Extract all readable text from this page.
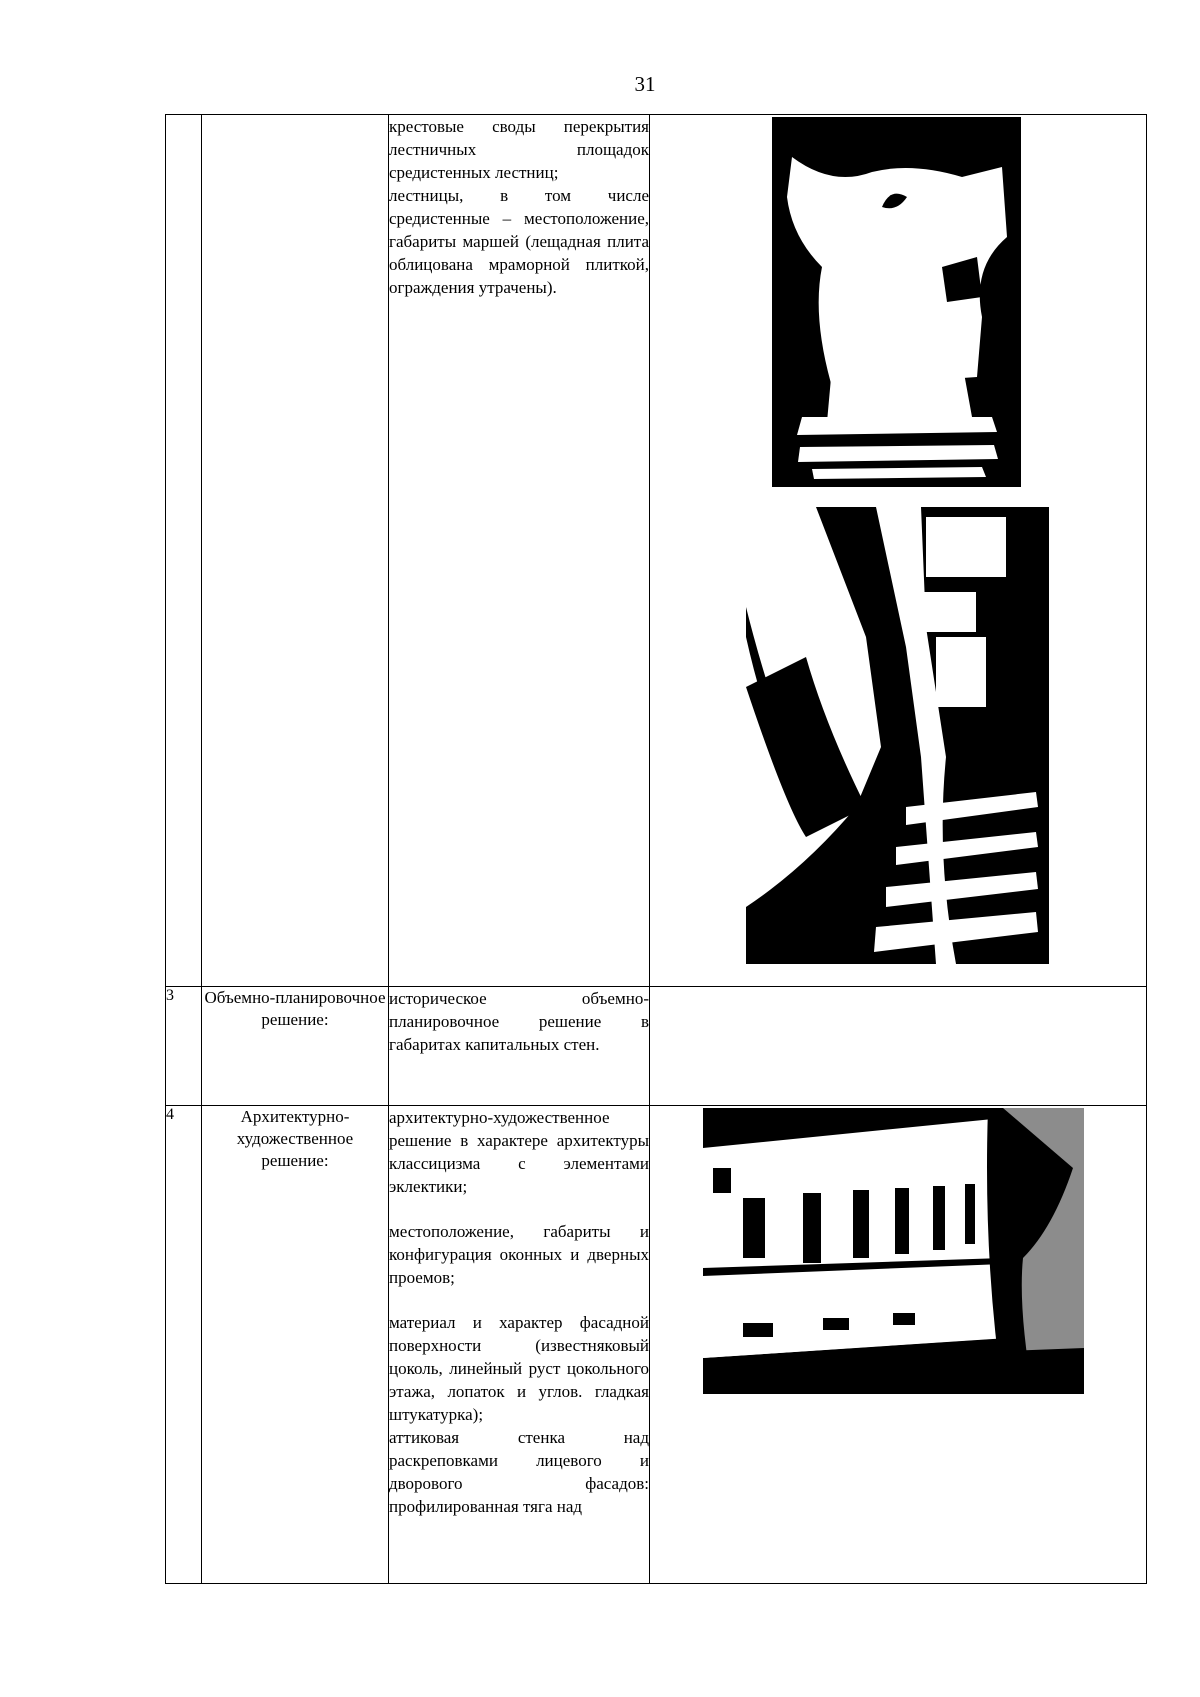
31

		крестовые своды перекрытия лестничных площадок средистенных лестниц;

лестницы, в том числе средистенные – местоположение, габариты маршей (лещадная плита облицована мраморной плиткой, ограждения утрачены).

3	Объемно-планировочное решение:	историческое объемно-планировочное решение в габаритах капитальных стен.	

4	Архитектурно-художественное решение:	архитектурно-художественное решение в характере архитектуры классицизма с элементами эклектики;

местоположение, габариты и конфигурация оконных и дверных проемов;

материал и характер фасадной поверхности (известняковый цоколь, линейный руст цокольного этажа, лопаток и углов. гладкая штукатурка);

аттиковая стенка над раскреповками лицевого и дворового фасадов: профилированная тяга над
